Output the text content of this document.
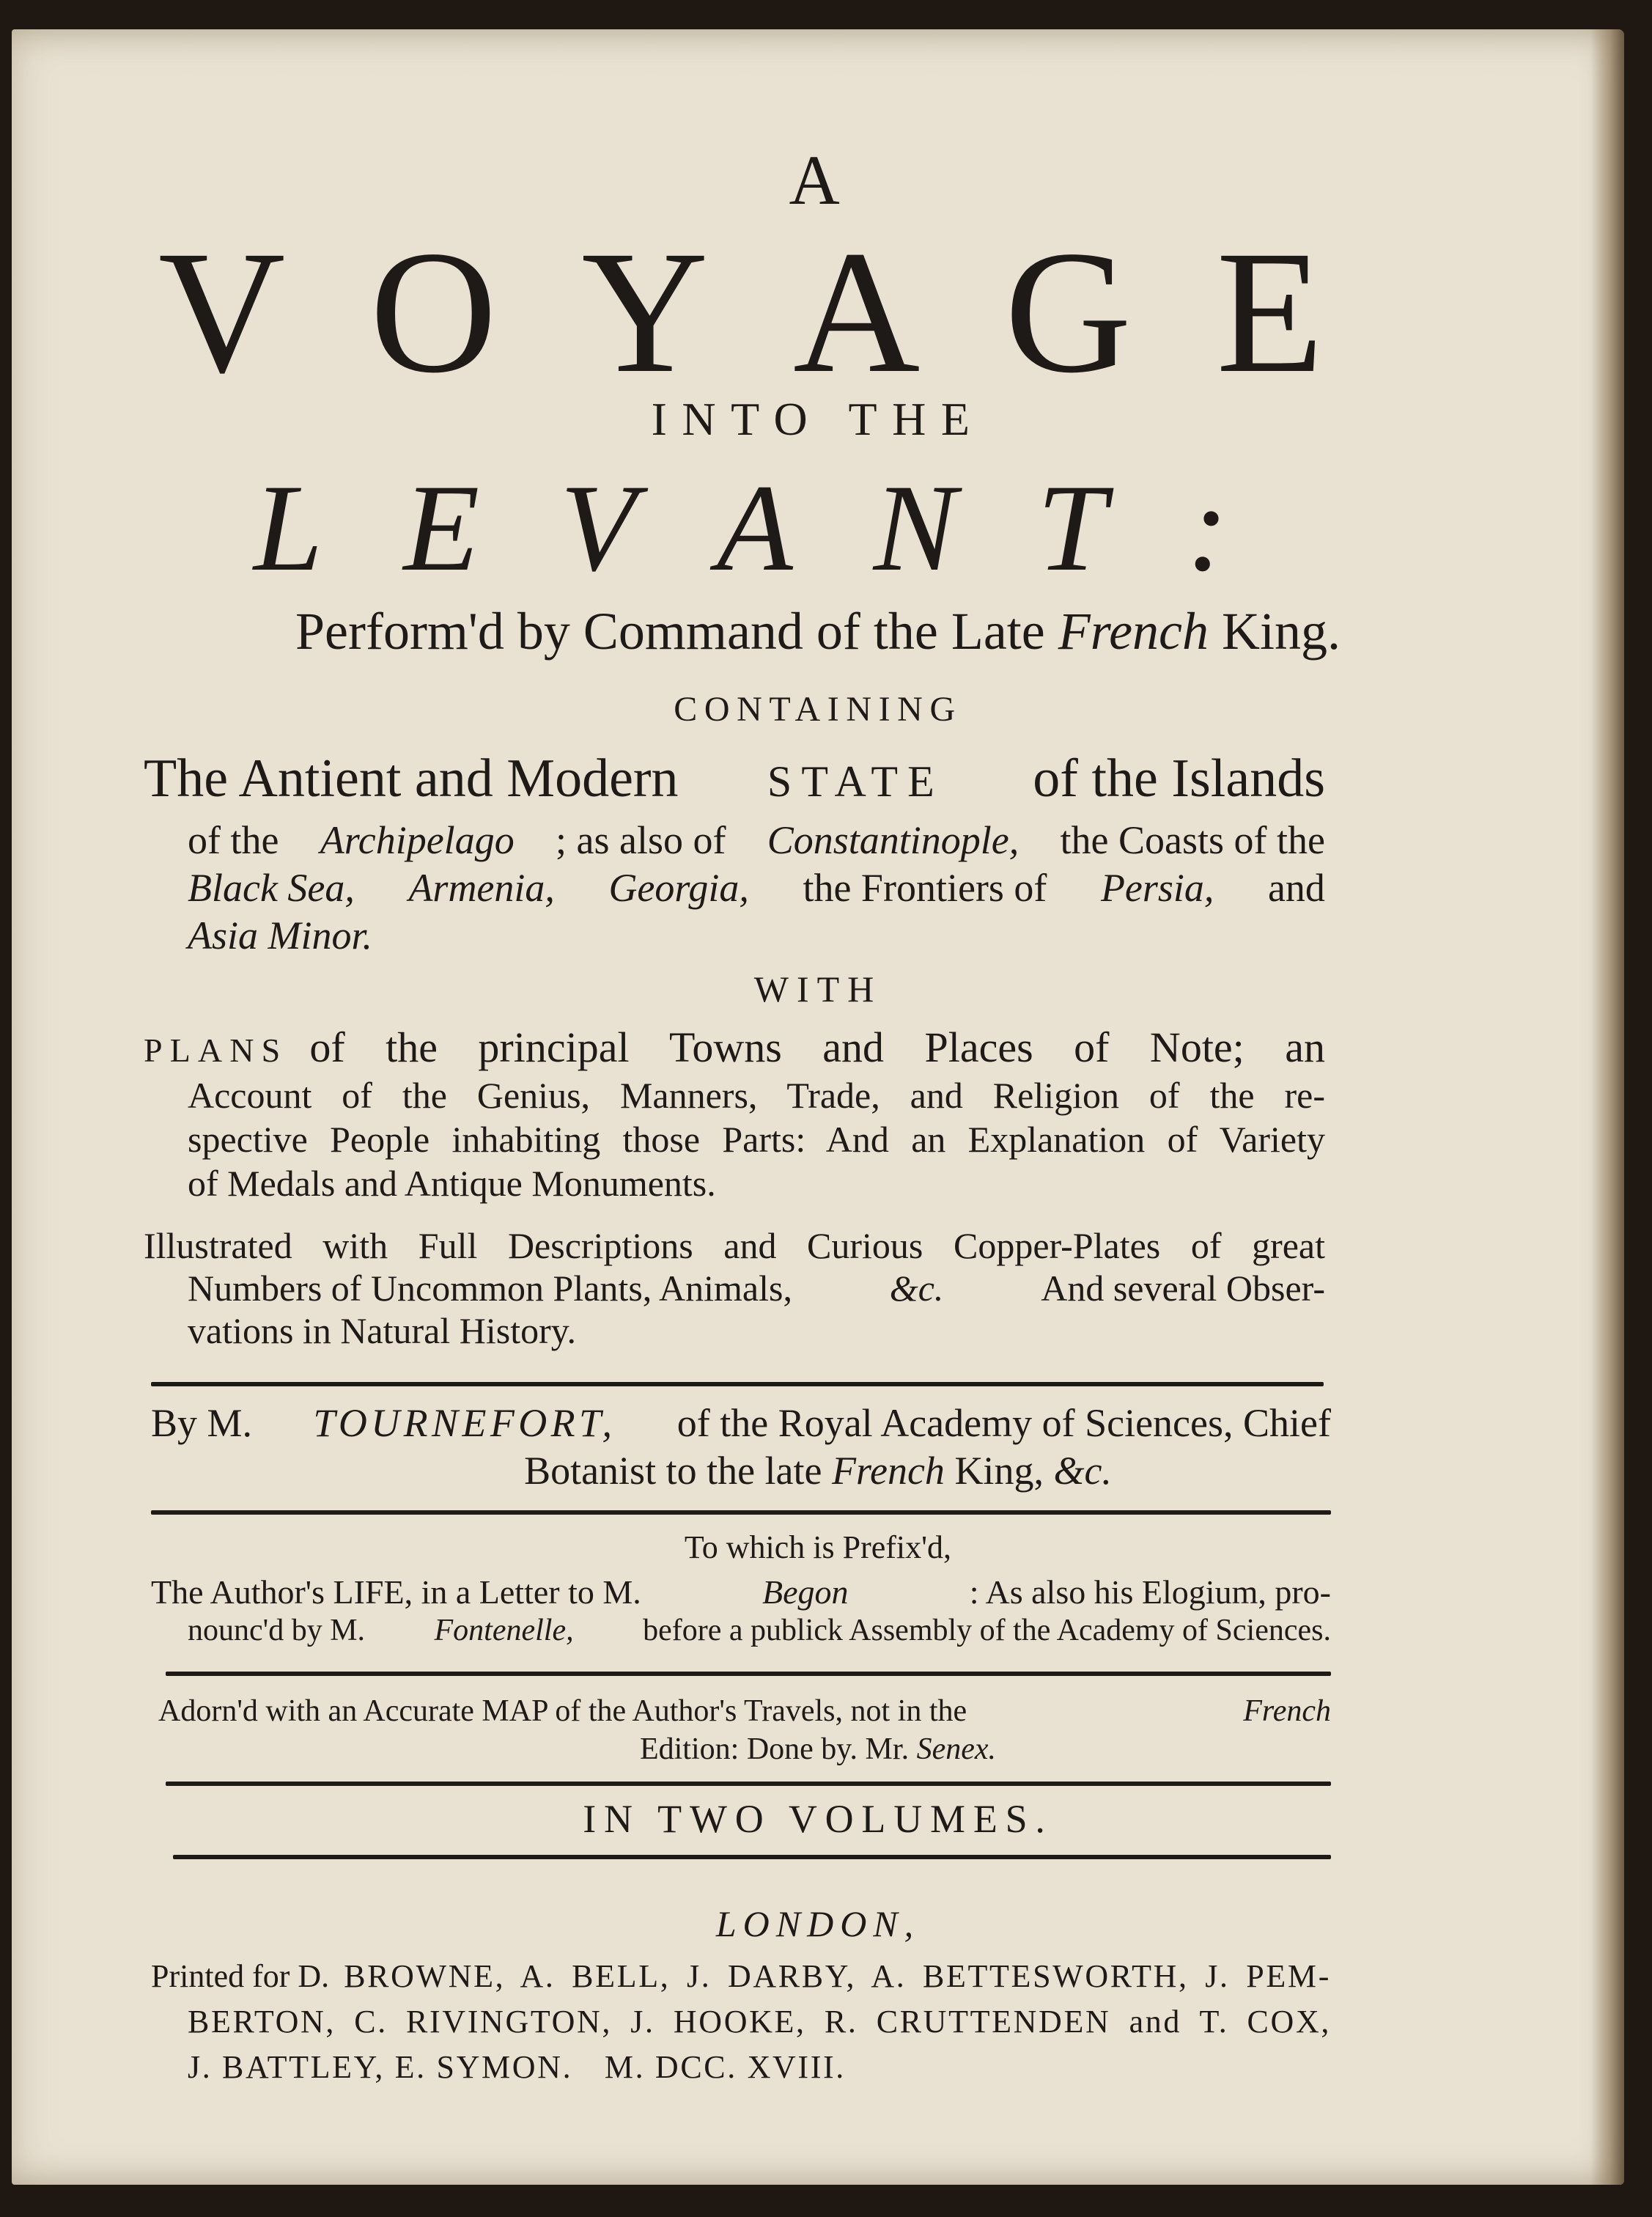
A
V O Y A G E
INTO THE
L E V A N T :
Perform'd by Command of the Late French King.
CONTAINING
The Antient and Modern STATE of the Islands
of the Archipelago ; as also of Constantinople, the Coasts of the
Black Sea, Armenia, Georgia, the Frontiers of Persia, and
Asia Minor.
WITH
PLANS of the principal Towns and Places of Note; an
Account of the Genius, Manners, Trade, and Religion of the re-
spective People inhabiting those Parts: And an Explanation of Variety
of Medals and Antique Monuments.
Illustrated with Full Descriptions and Curious Copper-Plates of great
Numbers of Uncommon Plants, Animals,	&c.	And several Obser-
vations in Natural History.
By M. TOURNEFORT, of the Royal Academy of Sciences, Chief
Botanist to the late French King, &c.
To which is Prefix'd,
The Author's LIFE, in a Letter to M.	Begon	: As also his Elogium, pro-
nounc'd by M. Fontenelle, before a publick Assembly of the Academy of Sciences.
Adorn'd with an Accurate MAP of the Author's Travels, not in the	French
Edition: Done by. Mr. Senex.
IN TWO VOLUMES.
LONDON,
Printed for D. BROWNE, A. BELL, J. DARBY, A. BETTESWORTH, J. PEM-
BERTON, C. RIVINGTON, J. HOOKE, R. CRUTTENDEN and T. COX,
J. BATTLEY, E. SYMON. M. DCC. XVIII.
